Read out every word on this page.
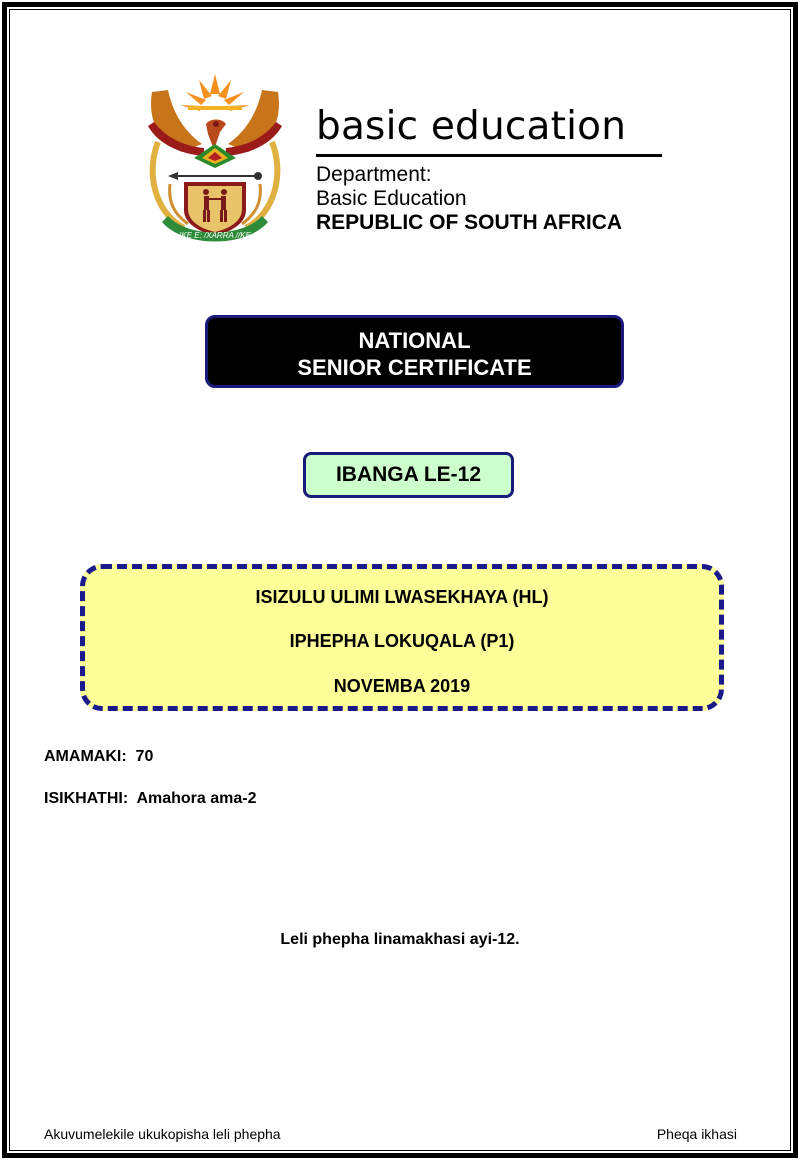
!KE E: /XARRA //KE
basic education
Department:
Basic Education
REPUBLIC OF SOUTH AFRICA
NATIONAL
SENIOR CERTIFICATE
IBANGA LE-12
ISIZULU ULIMI LWASEKHAYA (HL)
IPHEPHA LOKUQALA (P1)
NOVEMBA 2019
AMAMAKI: 70
ISIKHATHI: Amahora ama-2
Leli phepha linamakhasi ayi-12.
Akuvumelekile ukukopisha leli phepha	Pheqa ikhasi
